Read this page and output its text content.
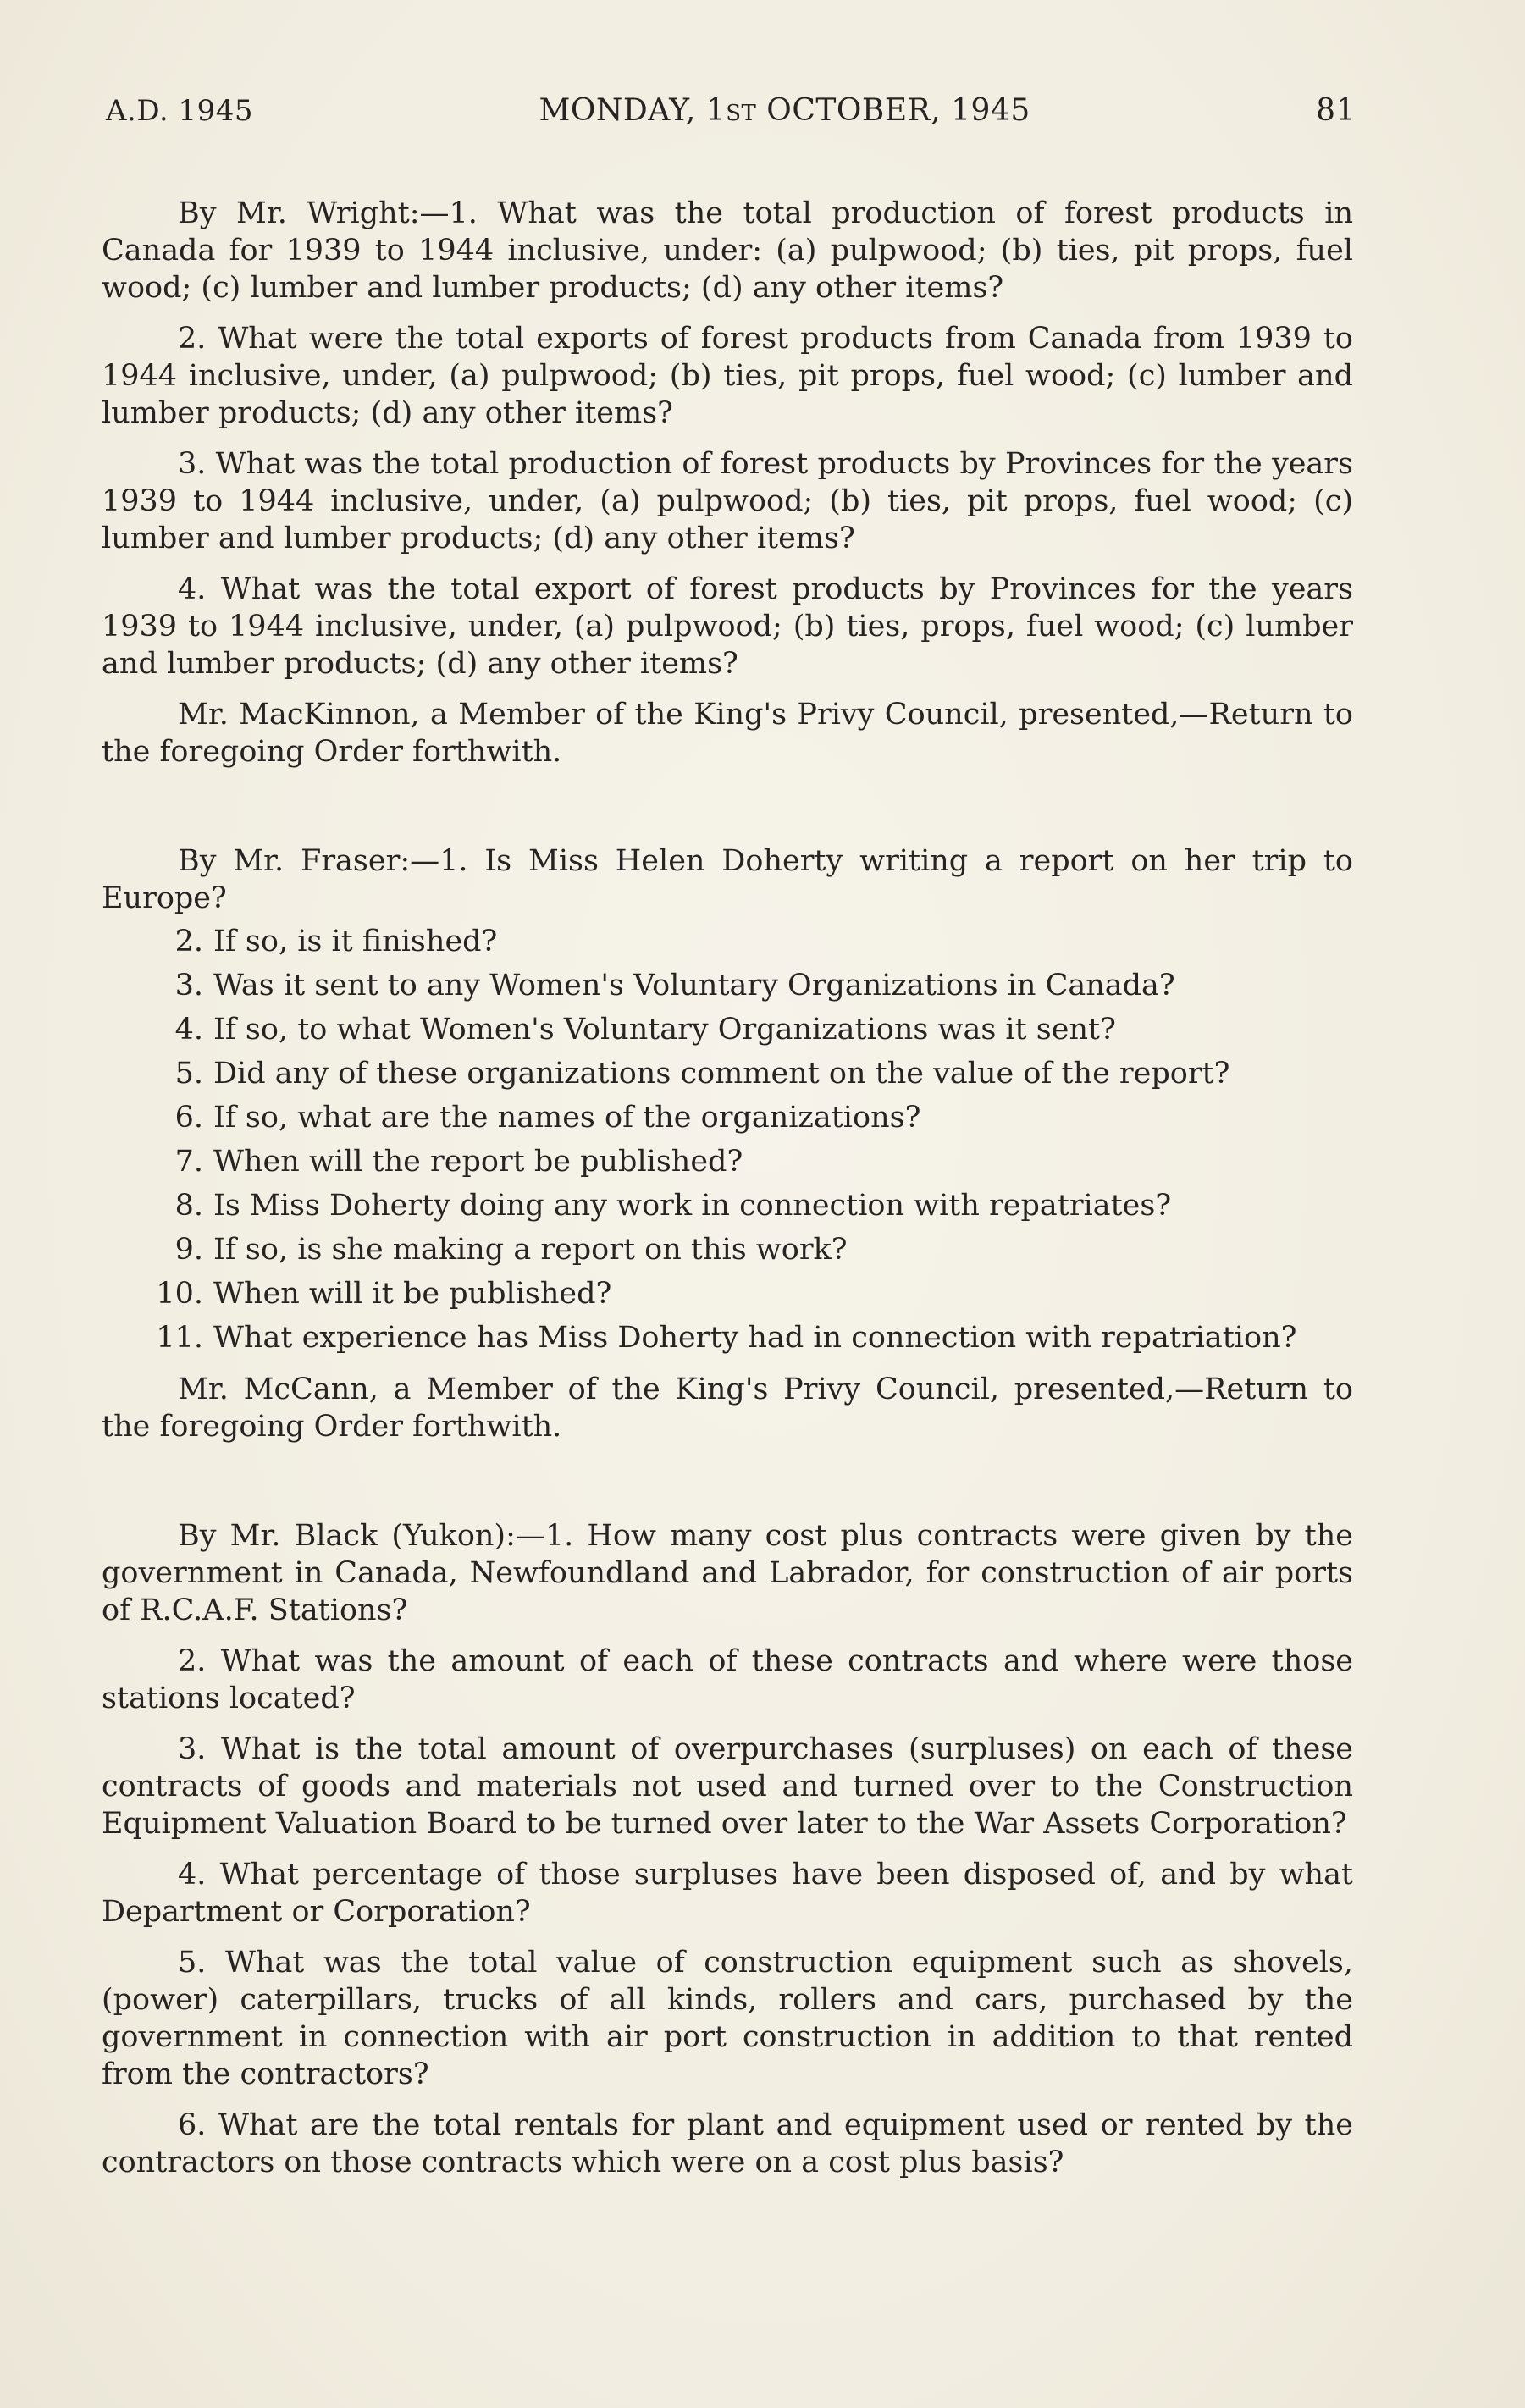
A.D. 1945	MONDAY, 1ST OCTOBER, 1945	81

By Mr. Wright:—1. What was the total production of forest products in Canada for 1939 to 1944 inclusive, under: (a) pulpwood; (b) ties, pit props, fuel wood; (c) lumber and lumber products; (d) any other items?

2. What were the total exports of forest products from Canada from 1939 to 1944 inclusive, under, (a) pulpwood; (b) ties, pit props, fuel wood; (c) lumber and lumber products; (d) any other items?

3. What was the total production of forest products by Provinces for the years 1939 to 1944 inclusive, under, (a) pulpwood; (b) ties, pit props, fuel wood; (c) lumber and lumber products; (d) any other items?

4. What was the total export of forest products by Provinces for the years 1939 to 1944 inclusive, under, (a) pulpwood; (b) ties, props, fuel wood; (c) lumber and lumber products; (d) any other items?

Mr. MacKinnon, a Member of the King's Privy Council, presented,—Return to the foregoing Order forthwith.

By Mr. Fraser:—1. Is Miss Helen Doherty writing a report on her trip to Europe?

2. If so, is it finished?
3. Was it sent to any Women's Voluntary Organizations in Canada?
4. If so, to what Women's Voluntary Organizations was it sent?
5. Did any of these organizations comment on the value of the report?
6. If so, what are the names of the organizations?
7. When will the report be published?
8. Is Miss Doherty doing any work in connection with repatriates?
9. If so, is she making a report on this work?
10. When will it be published?
11. What experience has Miss Doherty had in connection with repatriation?

Mr. McCann, a Member of the King's Privy Council, presented,—Return to the foregoing Order forthwith.

By Mr. Black (Yukon):—1. How many cost plus contracts were given by the government in Canada, Newfoundland and Labrador, for construction of air ports of R.C.A.F. Stations?

2. What was the amount of each of these contracts and where were those stations located?

3. What is the total amount of overpurchases (surpluses) on each of these contracts of goods and materials not used and turned over to the Construction Equipment Valuation Board to be turned over later to the War Assets Corporation?

4. What percentage of those surpluses have been disposed of, and by what Department or Corporation?

5. What was the total value of construction equipment such as shovels, (power) caterpillars, trucks of all kinds, rollers and cars, purchased by the government in connection with air port construction in addition to that rented from the contractors?

6. What are the total rentals for plant and equipment used or rented by the contractors on those contracts which were on a cost plus basis?
